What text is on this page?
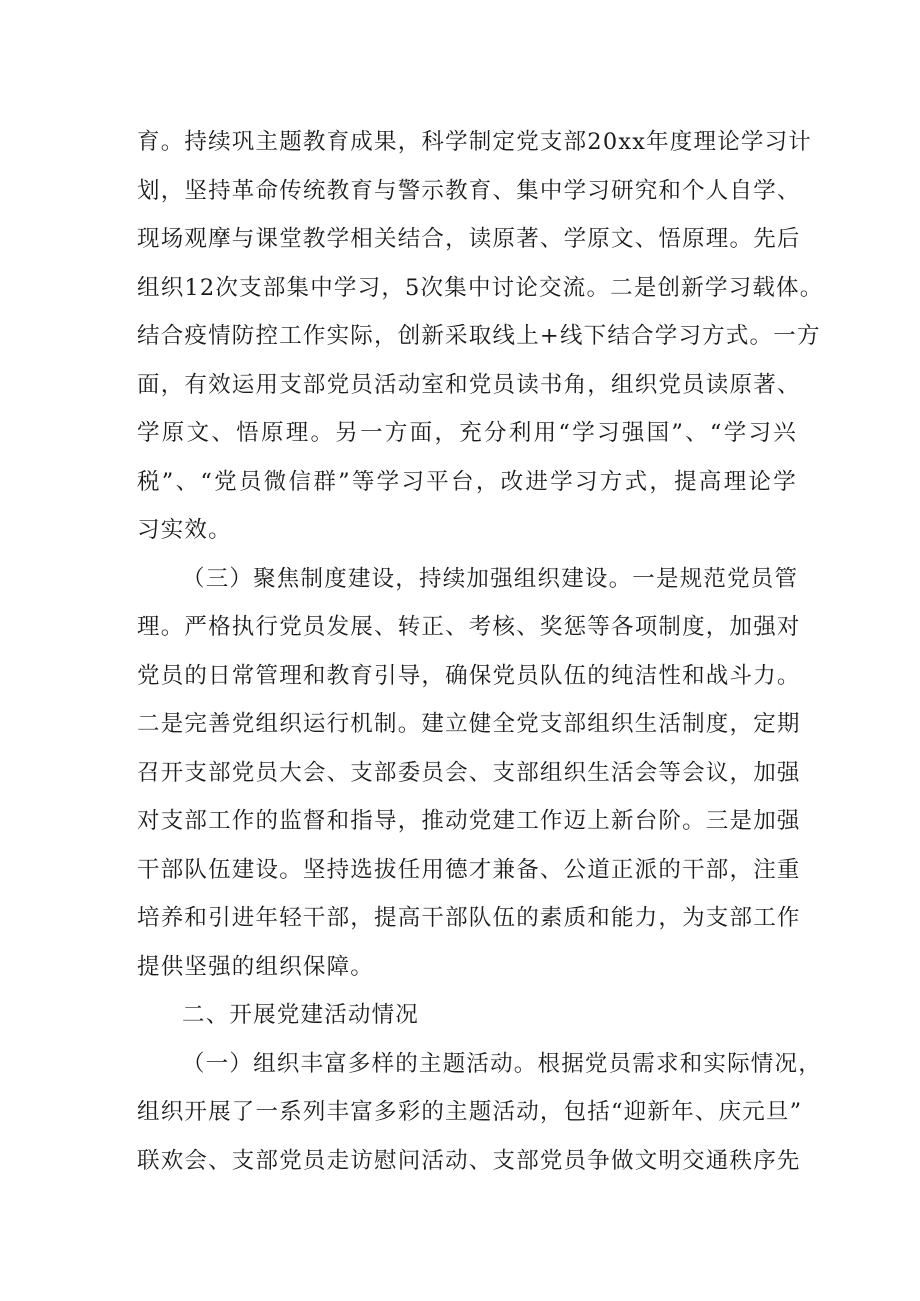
育。持续巩主题教育成果，科学制定党支部20xx年度理论学习计
划，坚持革命传统教育与警示教育、集中学习研究和个人自学、
现场观摩与课堂教学相关结合，读原著、学原文、悟原理。先后
组织12次支部集中学习，5次集中讨论交流。二是创新学习载体。
结合疫情防控工作实际，创新采取线上+线下结合学习方式。一方
面，有效运用支部党员活动室和党员读书角，组织党员读原著、
学原文、悟原理。另一方面，充分利用“学习强国”、“学习兴
税”、“党员微信群”等学习平台，改进学习方式，提高理论学
习实效。
（三）聚焦制度建设，持续加强组织建设。一是规范党员管
理。严格执行党员发展、转正、考核、奖惩等各项制度，加强对
党员的日常管理和教育引导，确保党员队伍的纯洁性和战斗力。
二是完善党组织运行机制。建立健全党支部组织生活制度，定期
召开支部党员大会、支部委员会、支部组织生活会等会议，加强
对支部工作的监督和指导，推动党建工作迈上新台阶。三是加强
干部队伍建设。坚持选拔任用德才兼备、公道正派的干部，注重
培养和引进年轻干部，提高干部队伍的素质和能力，为支部工作
提供坚强的组织保障。
二、开展党建活动情况
（一）组织丰富多样的主题活动。根据党员需求和实际情况，
组织开展了一系列丰富多彩的主题活动，包括“迎新年、庆元旦”
联欢会、支部党员走访慰问活动、支部党员争做文明交通秩序先
